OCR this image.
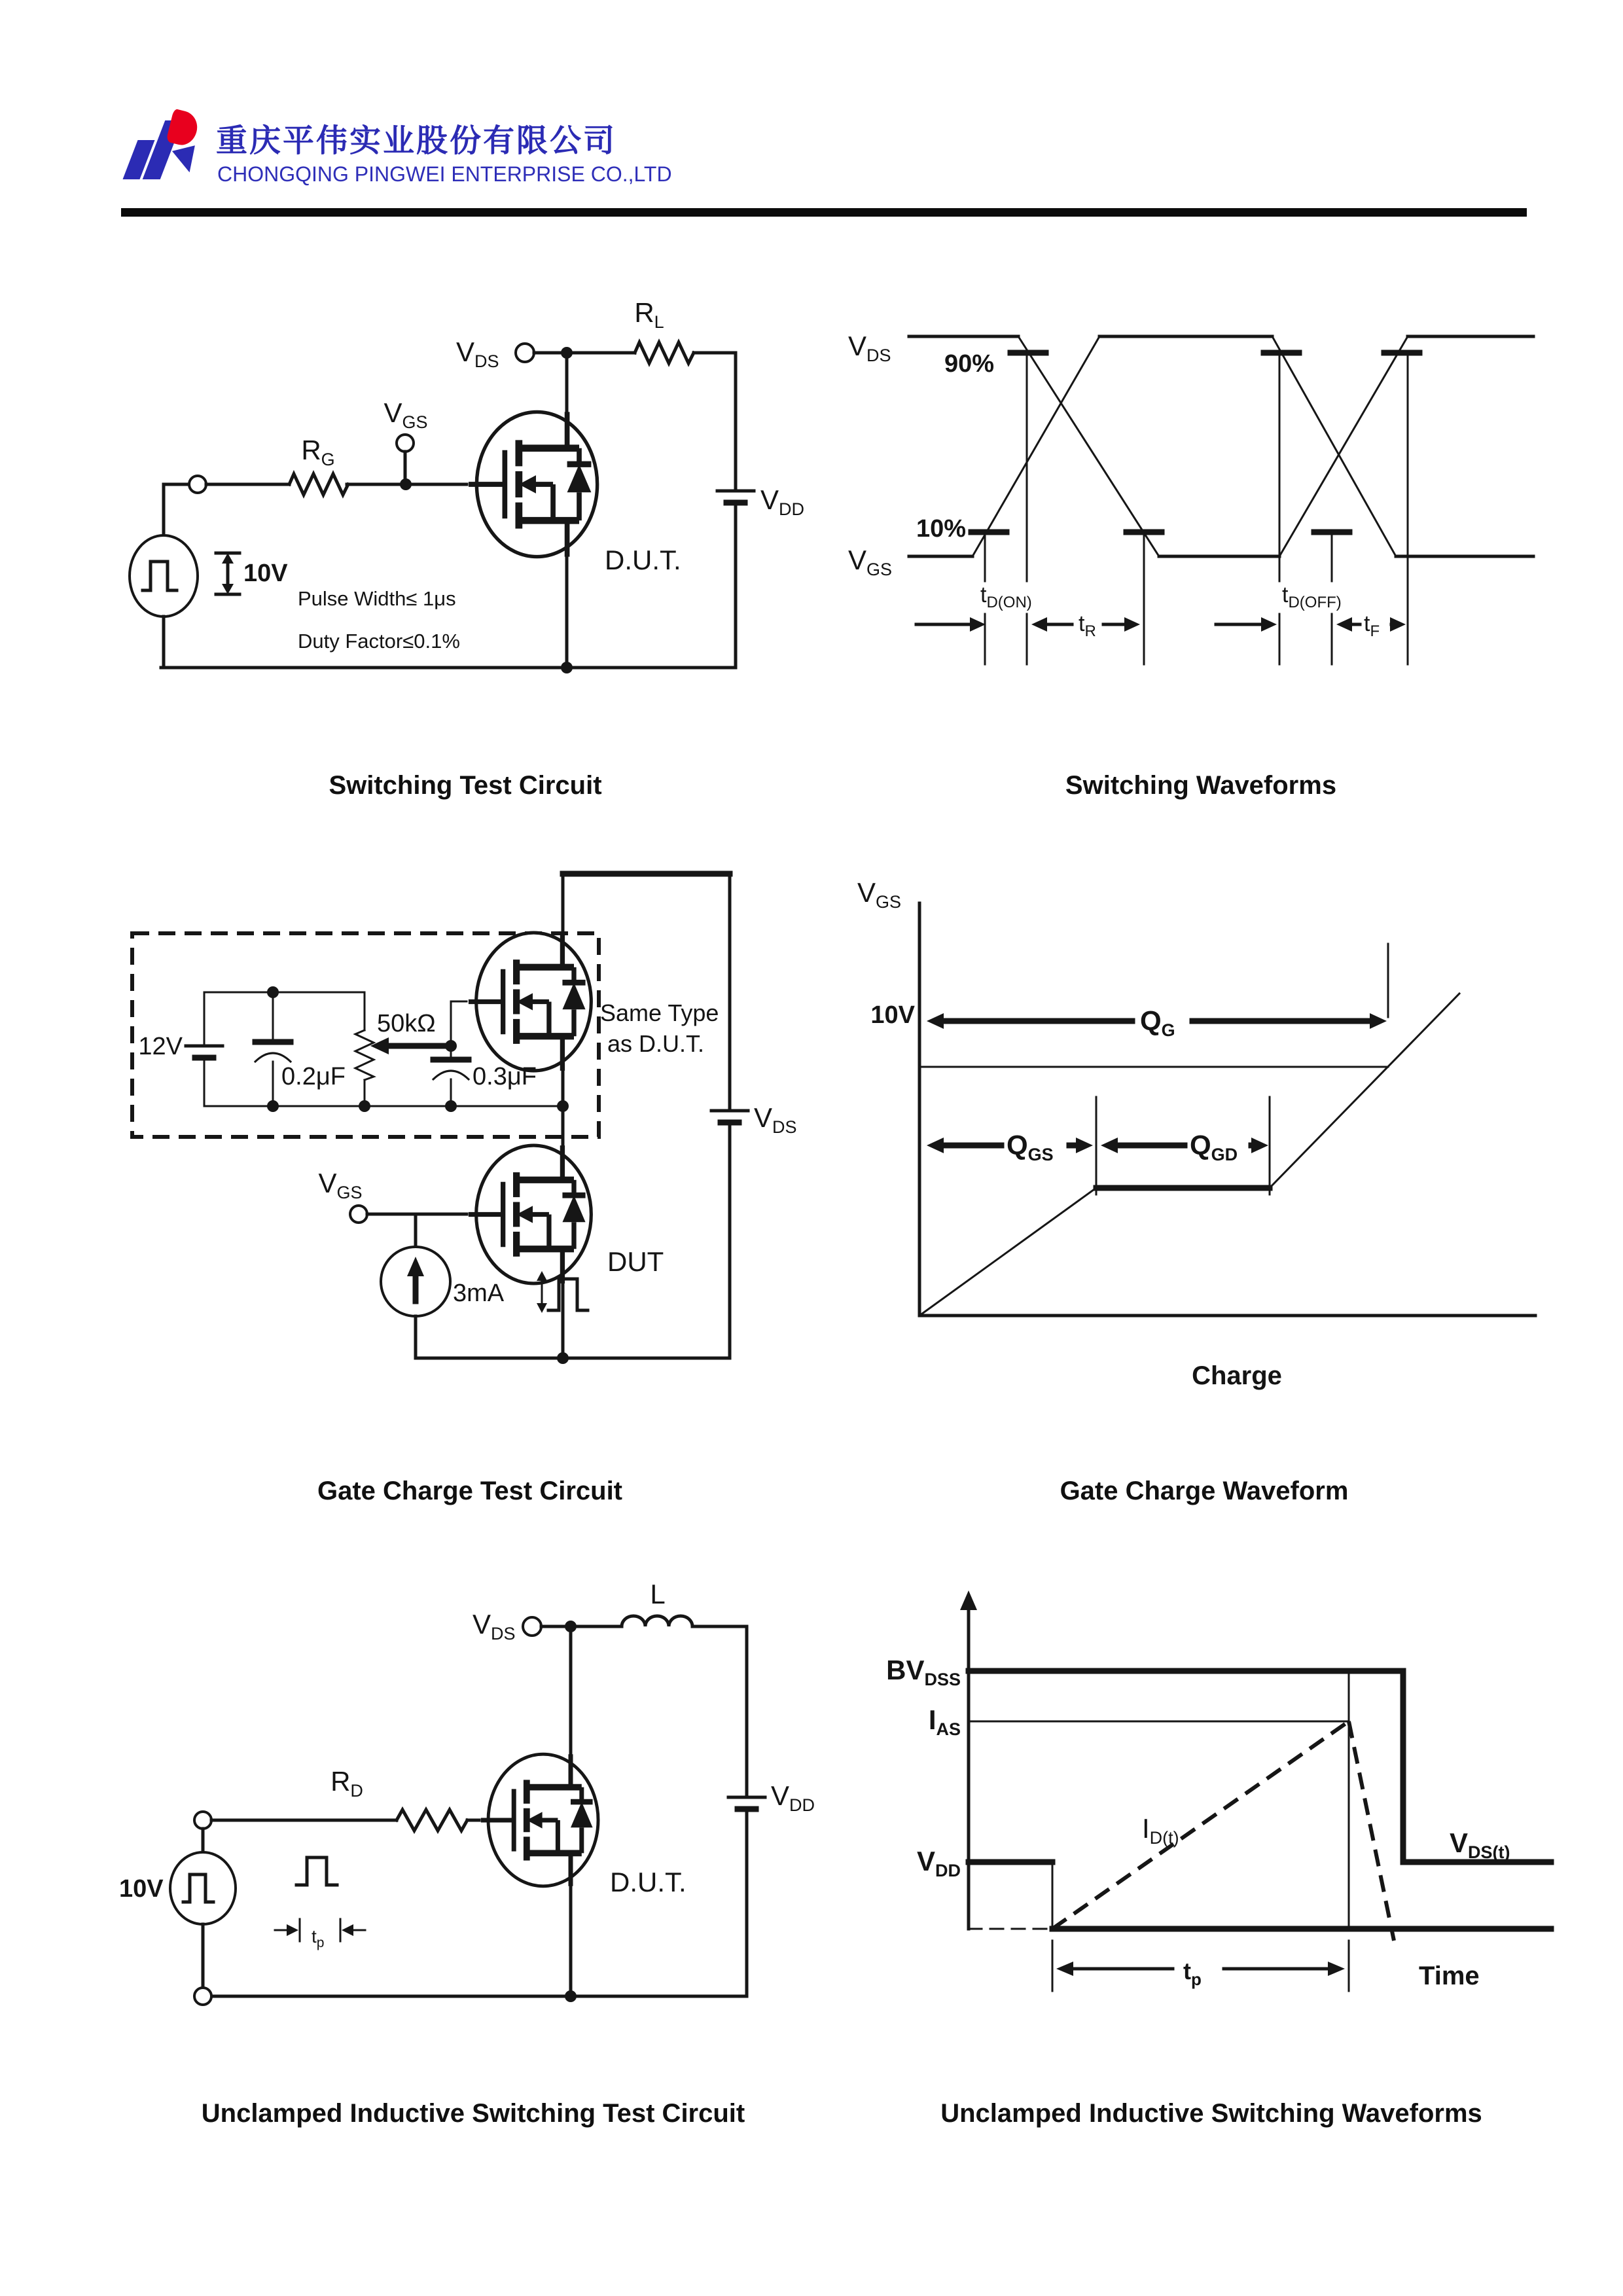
重庆平伟实业股份有限公司
CHONGQING PINGWEI ENTERPRISE CO.,LTD
$R_L$
$V_{DS}$
$V_{GS}$
$R_G$
$V_{DD}$
D.U.T.
10V
Pulse Width≤ 1μs
Duty Factor≤0.1%
Switching Test Circuit
$V_{DS}$
$V_{GS}$
90%
10%
$t_{D(ON)}$	$t_{D(OFF)}$
$t_R$	$t_F$
Switching Waveforms
12V
0.2μF
50kΩ
0.3μF
Same Type
as D.U.T.
$V_{DS}$
$V_{GS}$
DUT
3mA
Gate Charge Test Circuit
$V_{GS}$
10V	$Q_G$
$Q_{GS}$	$Q_{GD}$
Charge
Gate Charge Waveform
$t_p$
L
$V_{DS}$
$R_D$	$V_{DD}$
D.U.T.
10V
Unclamped Inductive Switching Test Circuit
$t_p$
$BV_{DSS}$
$I_{AS}$
$V_{DD}$
$I_{D(t)}$	$V_{DS(t)}$
Time
Unclamped Inductive Switching Waveforms
